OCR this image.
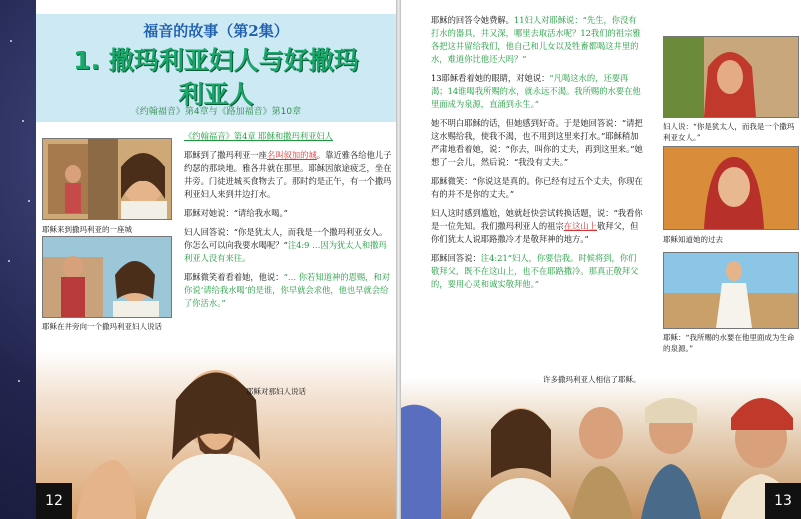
福音的故事（第2集）
1. 撒玛利亚妇人与好撒玛
利亚人
《约翰福音》第4章与《路加福音》第10章
耶稣来到撒玛利亚的一座城
耶稣在井旁向一个撒玛利亚妇人说话

《约翰福音》第4章 耶稣和撒玛利亚妇人

耶稣到了撒玛利亚一座名叫叙加的城。靠近雅各给他儿子约瑟的那块地。雅各井就在那里。耶稣因旅途疲乏，坐在井旁。门徒进城买食物去了。那时约是正午，有一个撒玛利亚妇人来到井边打水。

耶稣对她说：“请给我水喝。”

妇人回答说：“你是犹太人，而我是一个撒玛利亚女人。你怎么可以向我要水喝呢？”注4:9 …因为犹太人和撒玛利亚人没有来往。

耶稣微笑着看着她，他说：“… 你若知道神的恩赐，和对你说‘请给我水喝’的是谁，你早就会求他，他也早就会给了你活水。”

耶稣对那妇人说话
12

耶稣的回答令她费解。11妇人对耶稣说：“先生，你没有打水的器具，井又深，哪里去取活水呢？12我们的祖宗雅各把这井留给我们，他自己和儿女以及牲畜都喝这井里的水，难道你比他还大吗？”

13耶稣看着她的眼睛，对她说：“凡喝这水的，还要再渴；14谁喝我所赐的水，就永远不渴。我所赐的水要在他里面成为泉源，直涌到永生。”

她不明白耶稣的话，但她感到好奇。于是她回答说：“请把这水赐给我，使我不渴，也不用到这里来打水。”耶稣稍加严肃地看着她，说：“你去，叫你的丈夫，再到这里来。”她想了一会儿，然后说：“我没有丈夫。”

耶稣微笑：“你说这是真的。你已经有过五个丈夫，你现在有的并不是你的丈夫。”

妇人这时感到尴尬，她就赶快尝试转换话题，说：“我看你是一位先知。我们撒玛利亚人的祖宗在这山上敬拜父，但你们犹太人说耶路撒冷才是敬拜神的地方。”

耶稣回答说：注4:21“妇人，你要信我。时候将到，你们敬拜父，既不在这山上，也不在耶路撒冷。那真正敬拜父的，要用心灵和诚实敬拜他。”

妇人说：“你是犹太人，而我是一个撒玛利亚女人。”
耶稣知道她的过去
耶稣：“我所赐的水要在他里面成为生命的泉源。”
许多撒玛利亚人相信了耶稣。
13
